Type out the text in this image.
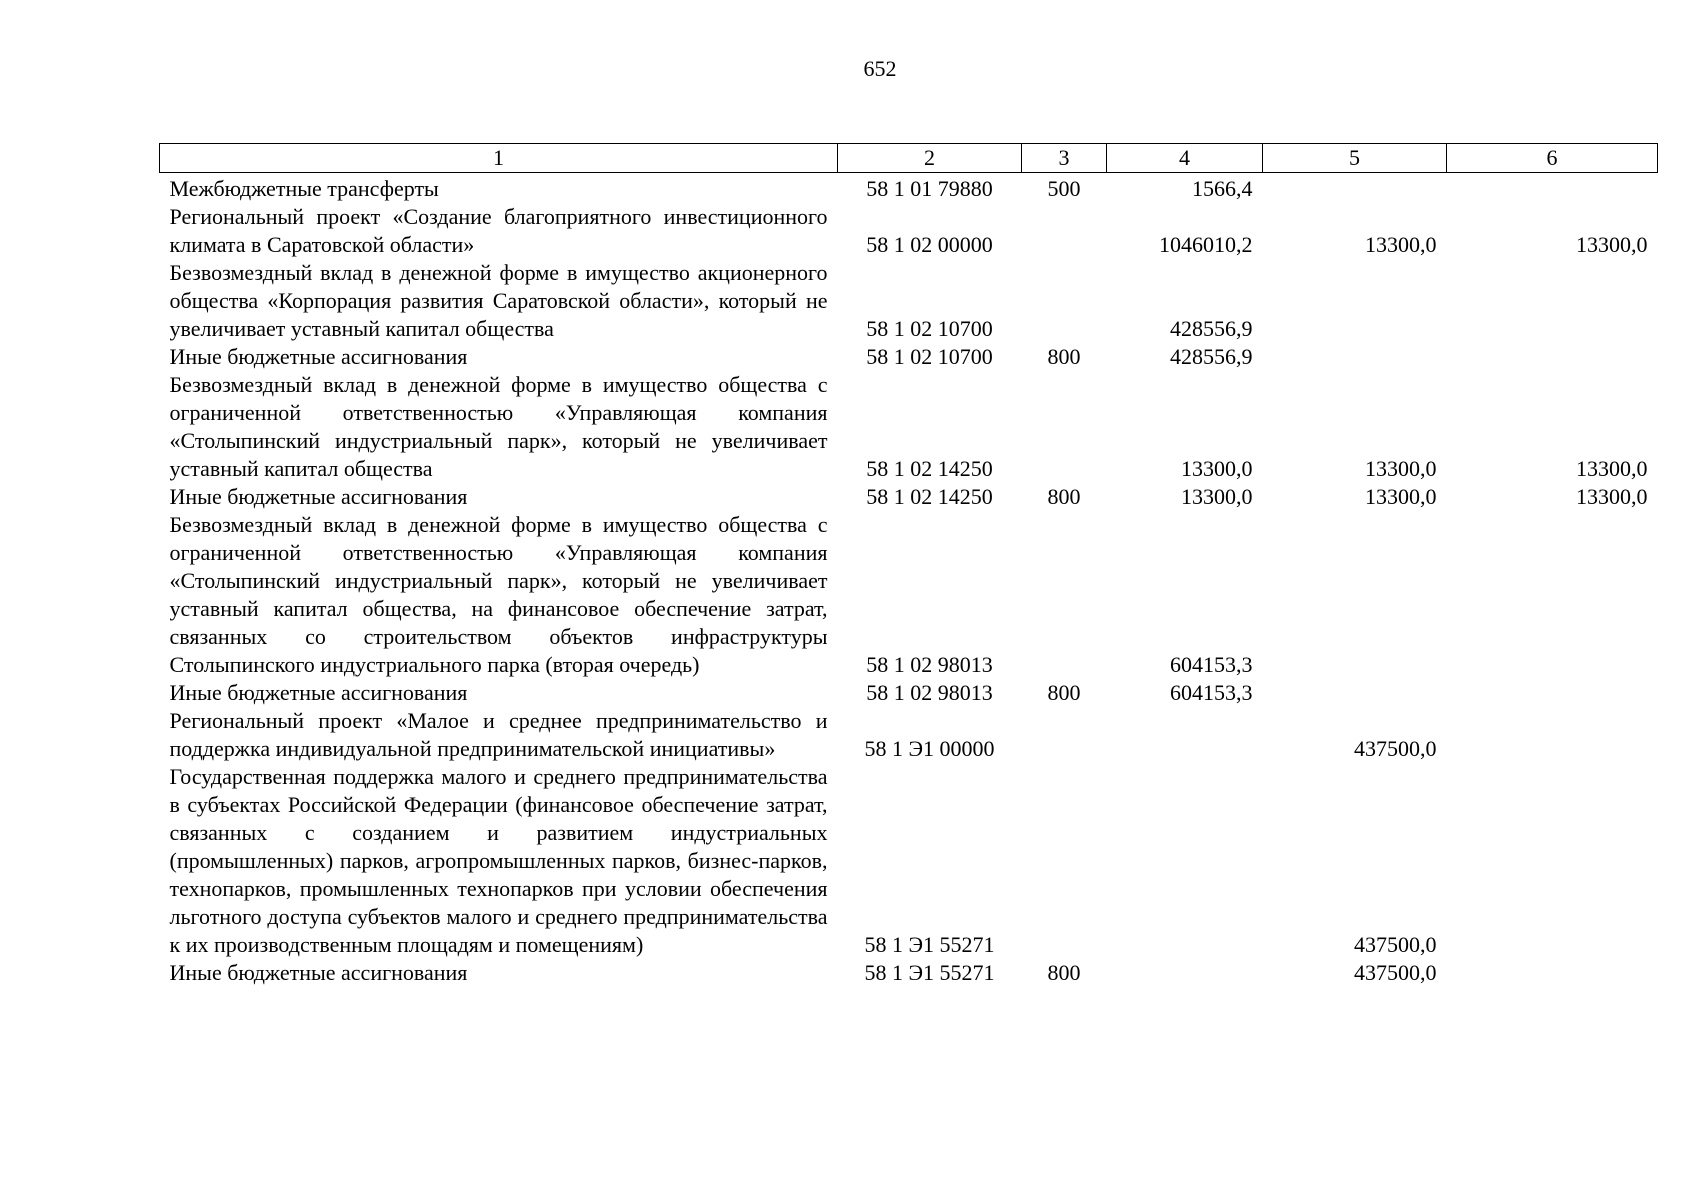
652
1	2	3	4	5	6
Межбюджетные трансферты	58 1 01 79880	500	1566,4		
Региональный проект «Создание благоприятного инвестиционного климата в Саратовской области»	58 1 02 00000		1046010,2	13300,0	13300,0
Безвозмездный вклад в денежной форме в имущество акционерного общества «Корпорация развития Саратовской области», который не увеличивает уставный капитал общества	58 1 02 10700		428556,9		
Иные бюджетные ассигнования	58 1 02 10700	800	428556,9		
Безвозмездный вклад в денежной форме в имущество общества с ограниченной ответственностью «Управляющая компания «Столыпинский индустриальный парк», который не увеличивает уставный капитал общества	58 1 02 14250		13300,0	13300,0	13300,0
Иные бюджетные ассигнования	58 1 02 14250	800	13300,0	13300,0	13300,0
Безвозмездный вклад в денежной форме в имущество общества с ограниченной ответственностью «Управляющая компания «Столыпинский индустриальный парк», который не увеличивает уставный капитал общества, на финансовое обеспечение затрат, связанных со строительством объектов инфраструктуры Столыпинского индустриального парка (вторая очередь)	58 1 02 98013		604153,3		
Иные бюджетные ассигнования	58 1 02 98013	800	604153,3		
Региональный проект «Малое и среднее предпринимательство и поддержка индивидуальной предпринимательской инициативы»	58 1 Э1 00000			437500,0	
Государственная поддержка малого и среднего предпринимательства в субъектах Российской Федерации (финансовое обеспечение затрат, связанных с созданием и развитием индустриальных (промышленных) парков, агропромышленных парков, бизнес-парков, технопарков, промышленных технопарков при условии обеспечения льготного доступа субъектов малого и среднего предпринимательства к их производственным площадям и помещениям)	58 1 Э1 55271			437500,0	
Иные бюджетные ассигнования	58 1 Э1 55271	800		437500,0	
